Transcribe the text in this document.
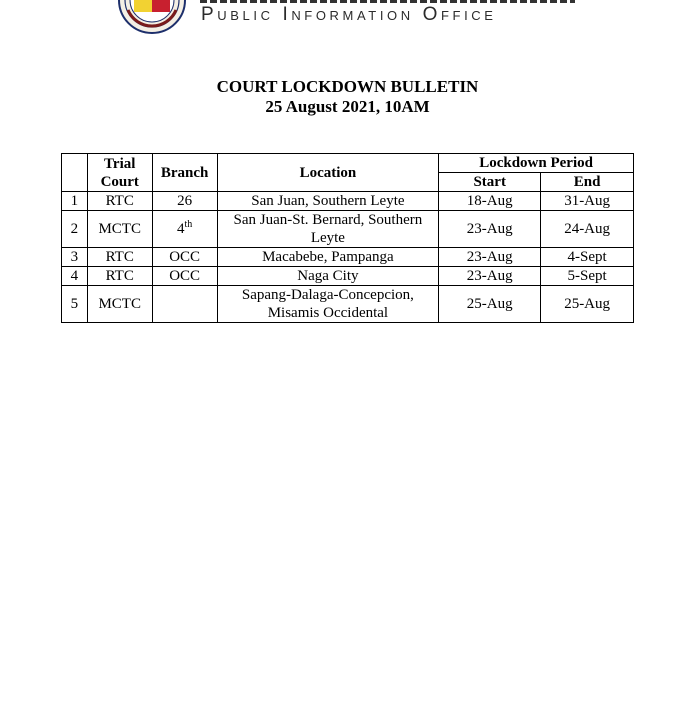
Public Information Office
COURT LOCKDOWN BULLETIN
25 August 2021, 10AM
	Trial Court	Branch	Location	Lockdown Period	
				Start	End
1	RTC	26	San Juan, Southern Leyte	18-Aug	31-Aug
2	MCTC	4th	San Juan-St. Bernard, Southern Leyte	23-Aug	24-Aug
3	RTC	OCC	Macabebe, Pampanga	23-Aug	4-Sept
4	RTC	OCC	Naga City	23-Aug	5-Sept
5	MCTC		Sapang-Dalaga-Concepcion, Misamis Occidental	25-Aug	25-Aug
